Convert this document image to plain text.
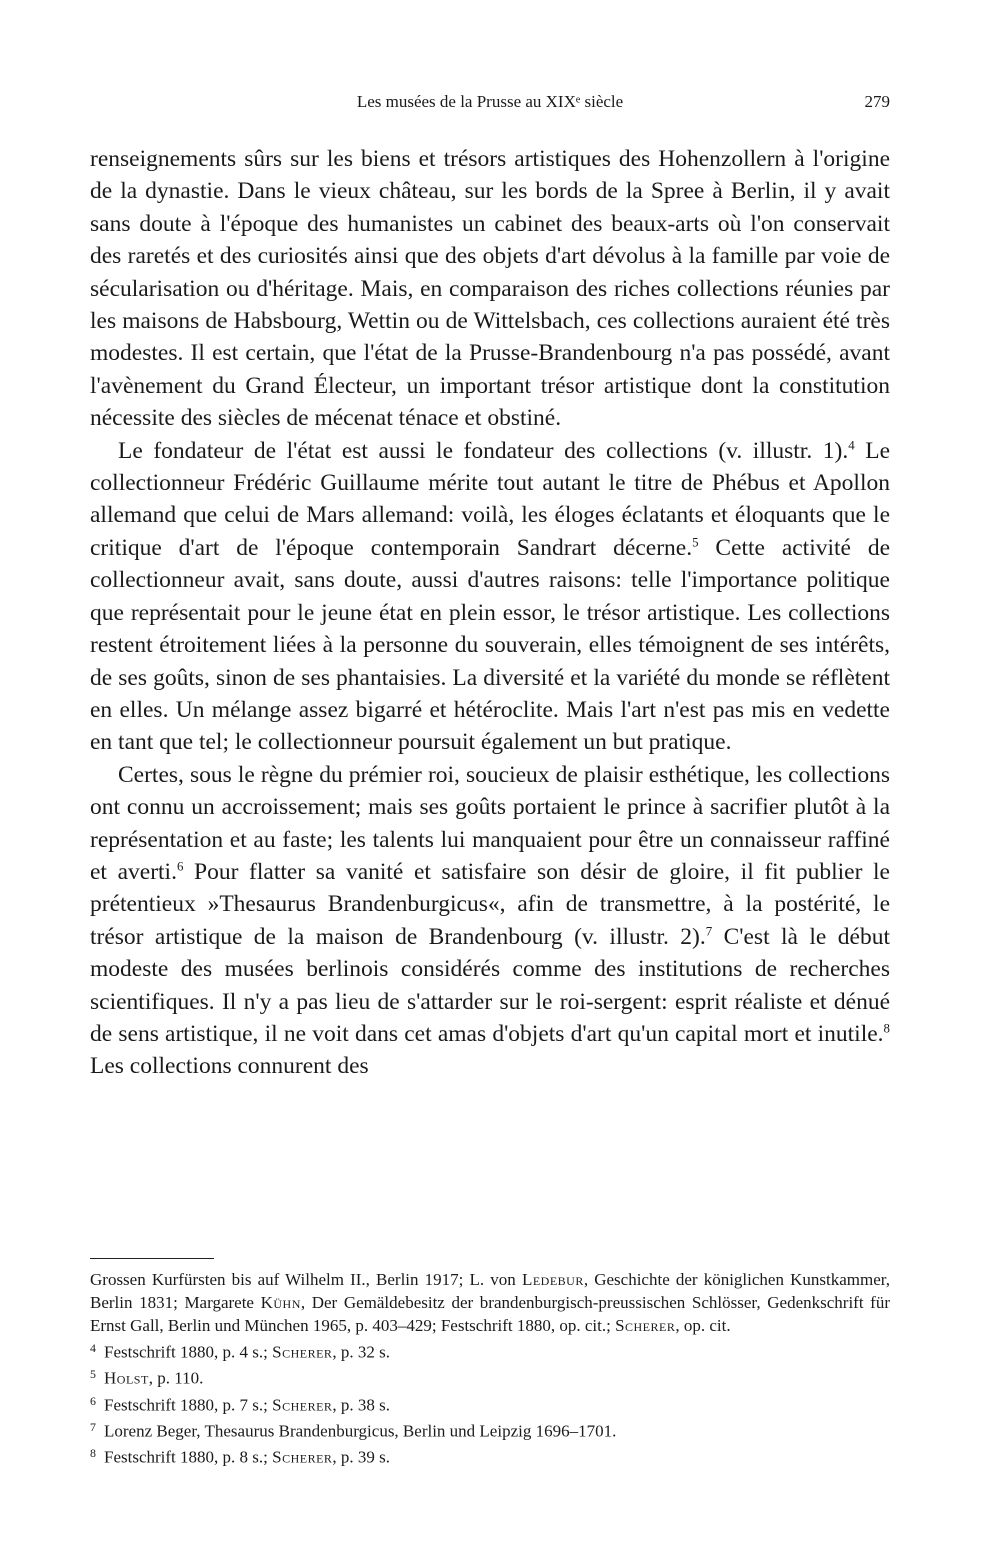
Les musées de la Prusse au XIXᵉ siècle	279

renseignements sûrs sur les biens et trésors artistiques des Hohenzollern à l'origine de la dynastie. Dans le vieux château, sur les bords de la Spree à Berlin, il y avait sans doute à l'époque des humanistes un cabinet des beaux-arts où l'on conservait des raretés et des curiosités ainsi que des objets d'art dévolus à la famille par voie de sécularisation ou d'héritage. Mais, en comparaison des riches collections réunies par les maisons de Habsbourg, Wettin ou de Wittelsbach, ces collections auraient été très modestes. Il est certain, que l'état de la Prusse-Brandenbourg n'a pas possédé, avant l'avènement du Grand Électeur, un important trésor artistique dont la constitution nécessite des siècles de mécenat ténace et obstiné.

Le fondateur de l'état est aussi le fondateur des collections (v. illustr. 1).$^4$ Le collectionneur Frédéric Guillaume mérite tout autant le titre de Phébus et Apollon allemand que celui de Mars allemand: voilà, les éloges éclatants et éloquants que le critique d'art de l'époque contemporain Sandrart décerne.$^5$ Cette activité de collectionneur avait, sans doute, aussi d'autres raisons: telle l'importance politique que représentait pour le jeune état en plein essor, le trésor artistique. Les collections restent étroitement liées à la personne du souverain, elles témoignent de ses intérêts, de ses goûts, sinon de ses phantaisies. La diversité et la variété du monde se réflètent en elles. Un mélange assez bigarré et hétéroclite. Mais l'art n'est pas mis en vedette en tant que tel; le collectionneur poursuit également un but pratique.

Certes, sous le règne du prémier roi, soucieux de plaisir esthétique, les collections ont connu un accroissement; mais ses goûts portaient le prince à sacrifier plutôt à la représentation et au faste; les talents lui manquaient pour être un connaisseur raffiné et averti.$^6$ Pour flatter sa vanité et satisfaire son désir de gloire, il fit publier le prétentieux »Thesaurus Brandenburgicus«, afin de transmettre, à la postérité, le trésor artistique de la maison de Brandenbourg (v. illustr. 2).$^7$ C'est là le début modeste des musées berlinois considérés comme des institutions de recherches scientifiques. Il n'y a pas lieu de s'attarder sur le roi-sergent: esprit réaliste et dénué de sens artistique, il ne voit dans cet amas d'objets d'art qu'un capital mort et inutile.$^8$ Les collections connurent des

Grossen Kurfürsten bis auf Wilhelm II., Berlin 1917; L. von Ledebur, Geschichte der königlichen Kunstkammer, Berlin 1831; Margarete Kühn, Der Gemäldebesitz der brandenburgisch-preussischen Schlösser, Gedenkschrift für Ernst Gall, Berlin und München 1965, p. 403–429; Festschrift 1880, op. cit.; Scherer, op. cit.

4 Festschrift 1880, p. 4 s.; Scherer, p. 32 s.

5 Holst, p. 110.

6 Festschrift 1880, p. 7 s.; Scherer, p. 38 s.

7 Lorenz Beger, Thesaurus Brandenburgicus, Berlin und Leipzig 1696–1701.

8 Festschrift 1880, p. 8 s.; Scherer, p. 39 s.
